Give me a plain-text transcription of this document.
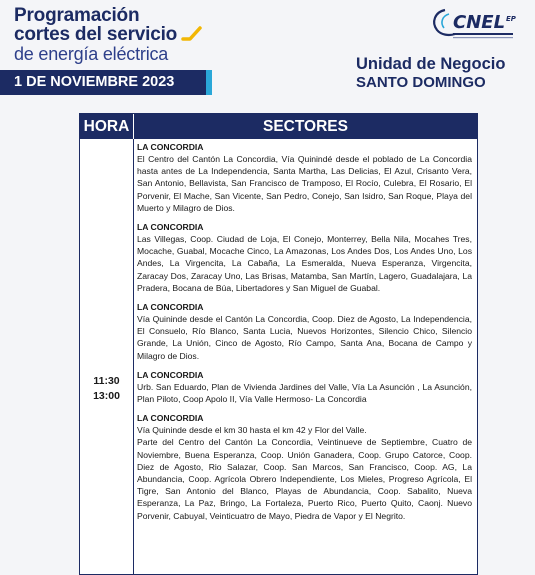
Programación
cortes del servicio
de energía eléctrica
1 DE NOVIEMBRE 2023
CNEL EP
Unidad de Negocio
SANTO DOMINGO
HORA	SECTORES
11:30
13:00
LA CONCORDIA
El Centro del Cantón La Concordia, Vía Quinindé desde el poblado de La Concordia hasta antes de La Independencia, Santa Martha, Las Delicias, El Azul, Crisanto Vera, San Antonio, Bellavista, San Francisco de Tramposo, El Rocío, Culebra, El Rosario, El Porvenir, El Mache, San Vicente, San Pedro, Conejo, San Isidro, San Roque, Playa del Muerto y Milagro de Dios.
LA CONCORDIA
Las Villegas, Coop. Ciudad de Loja, El Conejo, Monterrey, Bella Nila, Mocahes Tres, Mocache, Guabal, Mocache Cinco, La Amazonas, Los Andes Dos, Los Andes Uno, Los Andes, La Virgencita, La Cabaña, La Esmeralda, Nueva Esperanza, Virgencita, Zaracay Dos, Zaracay Uno, Las Brisas, Matamba, San Martín, Lagero, Guadalajara, La Pradera, Bocana de Búa, Libertadores y San Miguel de Guabal.
LA CONCORDIA
Vía Quininde desde el Cantón La Concordia, Coop. Diez de Agosto, La Independencia, El Consuelo, Río Blanco, Santa Lucia, Nuevos Horizontes, Silencio Chico, Silencio Grande, La Unión, Cinco de Agosto, Río Campo, Santa Ana, Bocana de Campo y Milagro de Dios.
LA CONCORDIA
Urb. San Eduardo, Plan de Vivienda Jardines del Valle, Vía La Asunción , La Asunción, Plan Piloto, Coop Apolo II, Vía Valle Hermoso- La Concordia
LA CONCORDIA
Vía Quininde desde el km 30 hasta el km 42 y Flor del Valle.
Parte del Centro del Cantón La Concordia, Veintinueve de Septiembre, Cuatro de Noviembre, Buena Esperanza, Coop. Unión Ganadera, Coop. Grupo Catorce, Coop. Diez de Agosto, Rio Salazar, Coop. San Marcos, San Francisco, Coop. AG, La Abundancia, Coop. Agrícola Obrero Independiente, Los Mieles, Progreso Agrícola, El Tigre, San Antonio del Blanco, Playas de Abundancia, Coop. Sabalito, Nueva Esperanza, La Paz, Bringo, La Fortaleza, Puerto Rico, Puerto Quito, Caonj. Nuevo Porvenir, Cabuyal, Veinticuatro de Mayo, Piedra de Vapor y El Negrito.
